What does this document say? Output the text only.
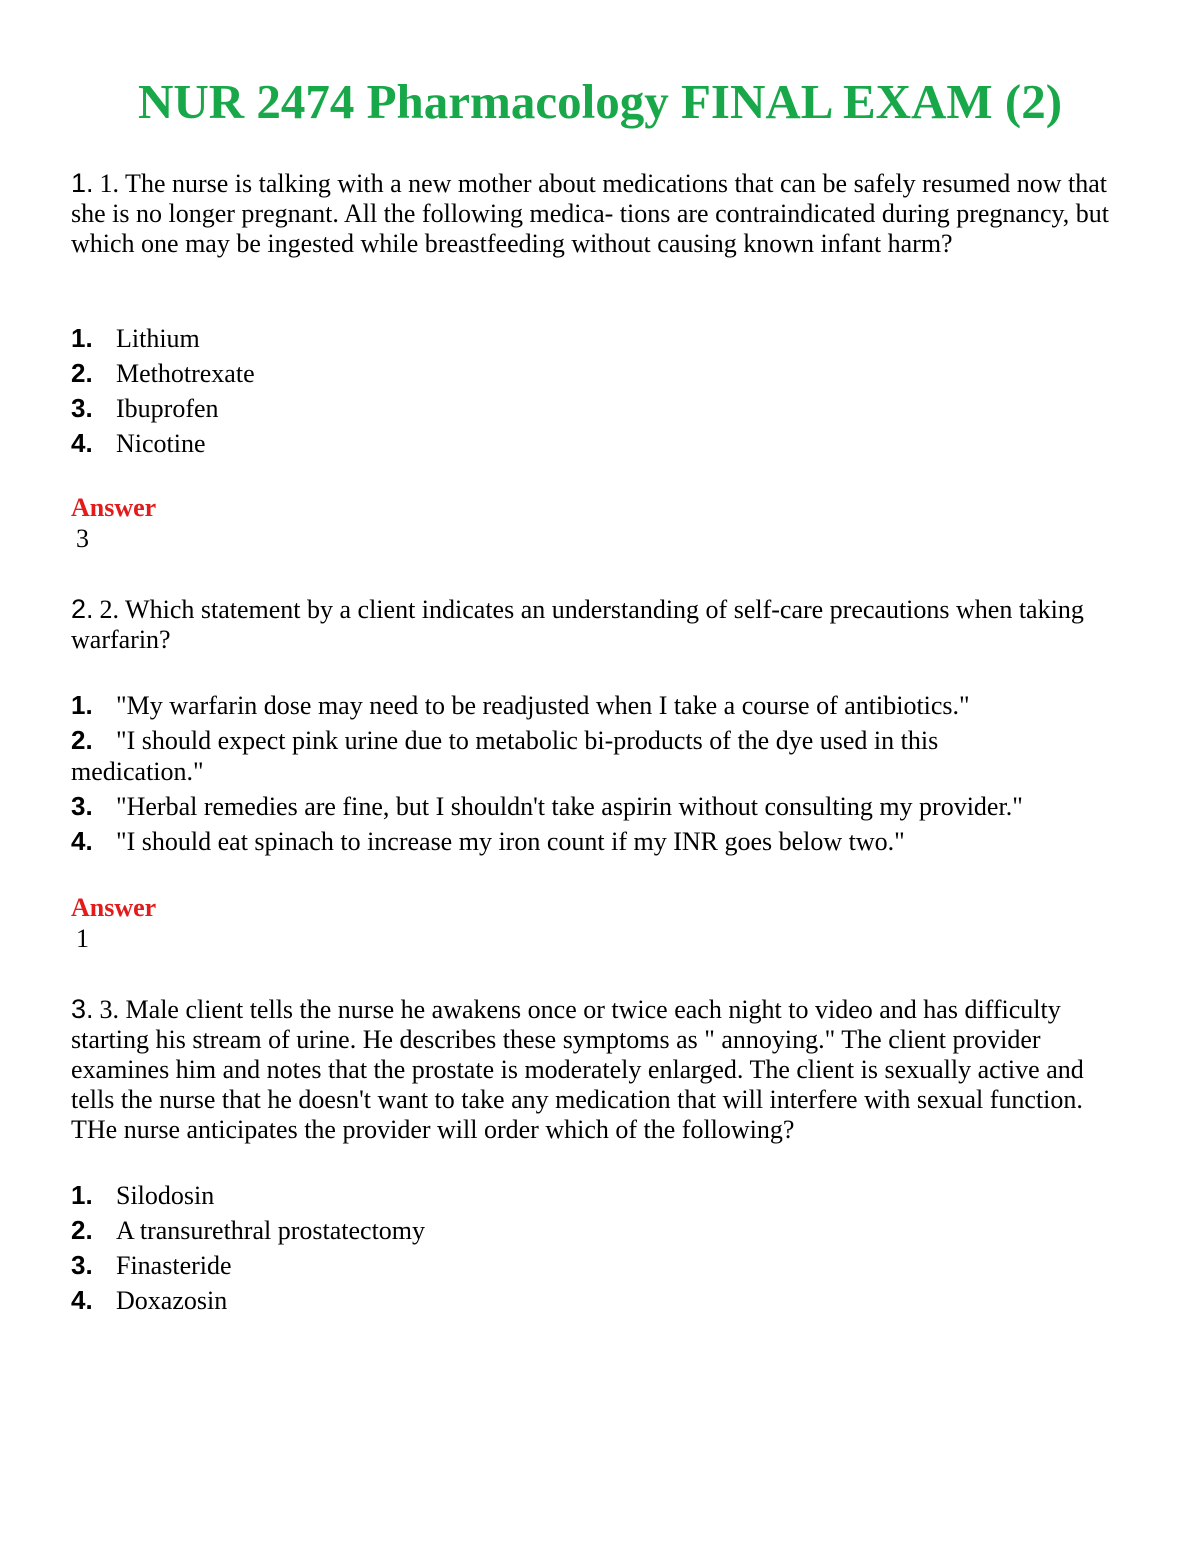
NUR 2474 Pharmacology FINAL EXAM (2)

1. 1. The nurse is talking with a new mother about medications that can be safely resumed now that she is no longer pregnant. All the following medica- tions are contraindicated during pregnancy, but which one may be ingested while breastfeeding without causing known infant harm?

1. Lithium
2. Methotrexate
3. Ibuprofen
4. Nicotine

Answer

3

2. 2. Which statement by a client indicates an understanding of self-care precautions when taking warfarin?

1. "My warfarin dose may need to be readjusted when I take a course of antibiotics."
2. "I should expect pink urine due to metabolic bi-products of the dye used in this medication."
3. "Herbal remedies are fine, but I shouldn't take aspirin without consulting my provider."
4. "I should eat spinach to increase my iron count if my INR goes below two."

Answer

1

3. 3. Male client tells the nurse he awakens once or twice each night to video and has difficulty starting his stream of urine. He describes these symptoms as " annoying." The client provider examines him and notes that the prostate is moderately enlarged. The client is sexually active and tells the nurse that he doesn't want to take any medication that will interfere with sexual function. THe nurse anticipates the provider will order which of the following?

1. Silodosin
2. A transurethral prostatectomy
3. Finasteride
4. Doxazosin
